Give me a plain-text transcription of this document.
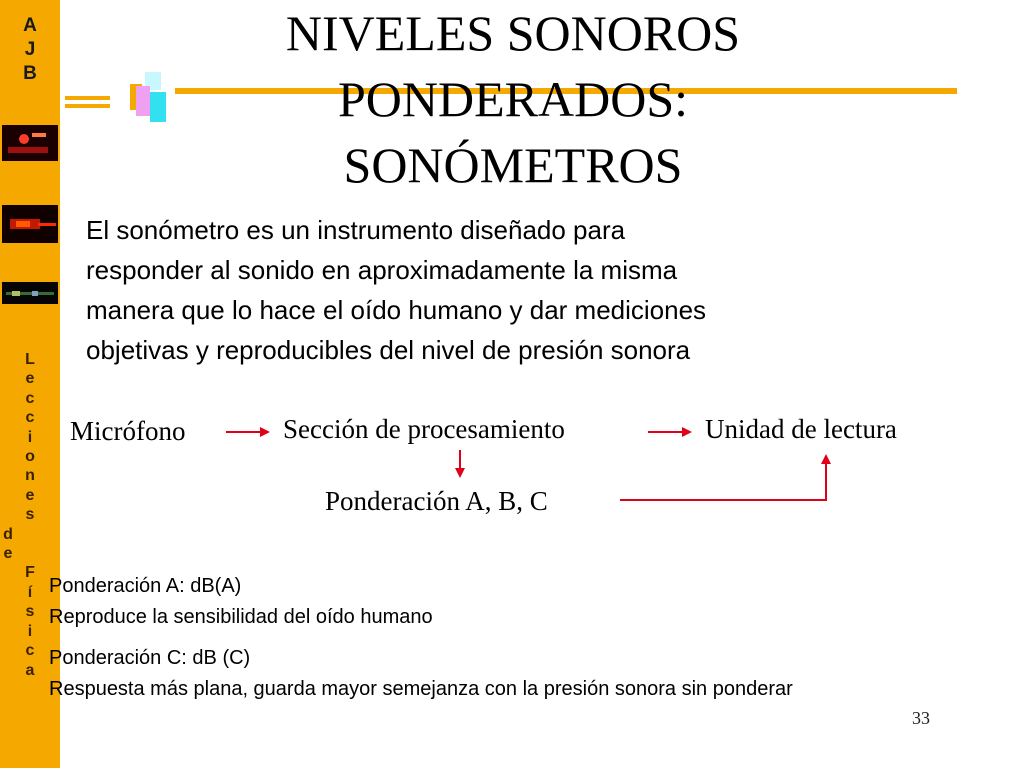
A
J
B
L
e
c
c
i
o
n
e
s
d
e
F
í
s
i
c
a
NIVELES SONOROS
PONDERADOS:
SONÓMETROS
El sonómetro es un instrumento diseñado para
responder al sonido en aproximadamente la misma
manera que lo hace el oído humano y dar mediciones
objetivas y reproducibles del nivel de presión sonora
Micrófono	Sección de procesamiento	Unidad de lectura
Ponderación A, B, C
Ponderación A: dB(A)
Reproduce la sensibilidad del oído humano
Ponderación C: dB (C)
Respuesta más plana, guarda mayor semejanza con la presión sonora sin ponderar
33
